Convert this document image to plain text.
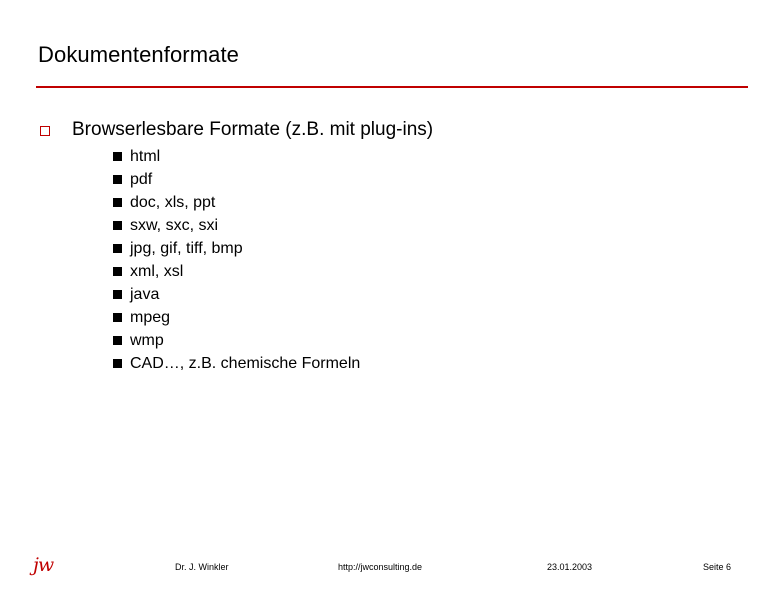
Dokumentenformate
Browserlesbare Formate (z.B. mit plug-ins)
html
pdf
doc, xls, ppt
sxw, sxc, sxi
jpg, gif, tiff, bmp
xml, xsl
java
mpeg
wmp
CAD…, z.B. chemische Formeln
jw	Dr. J. Winkler	http://jwconsulting.de	23.01.2003	Seite 6
